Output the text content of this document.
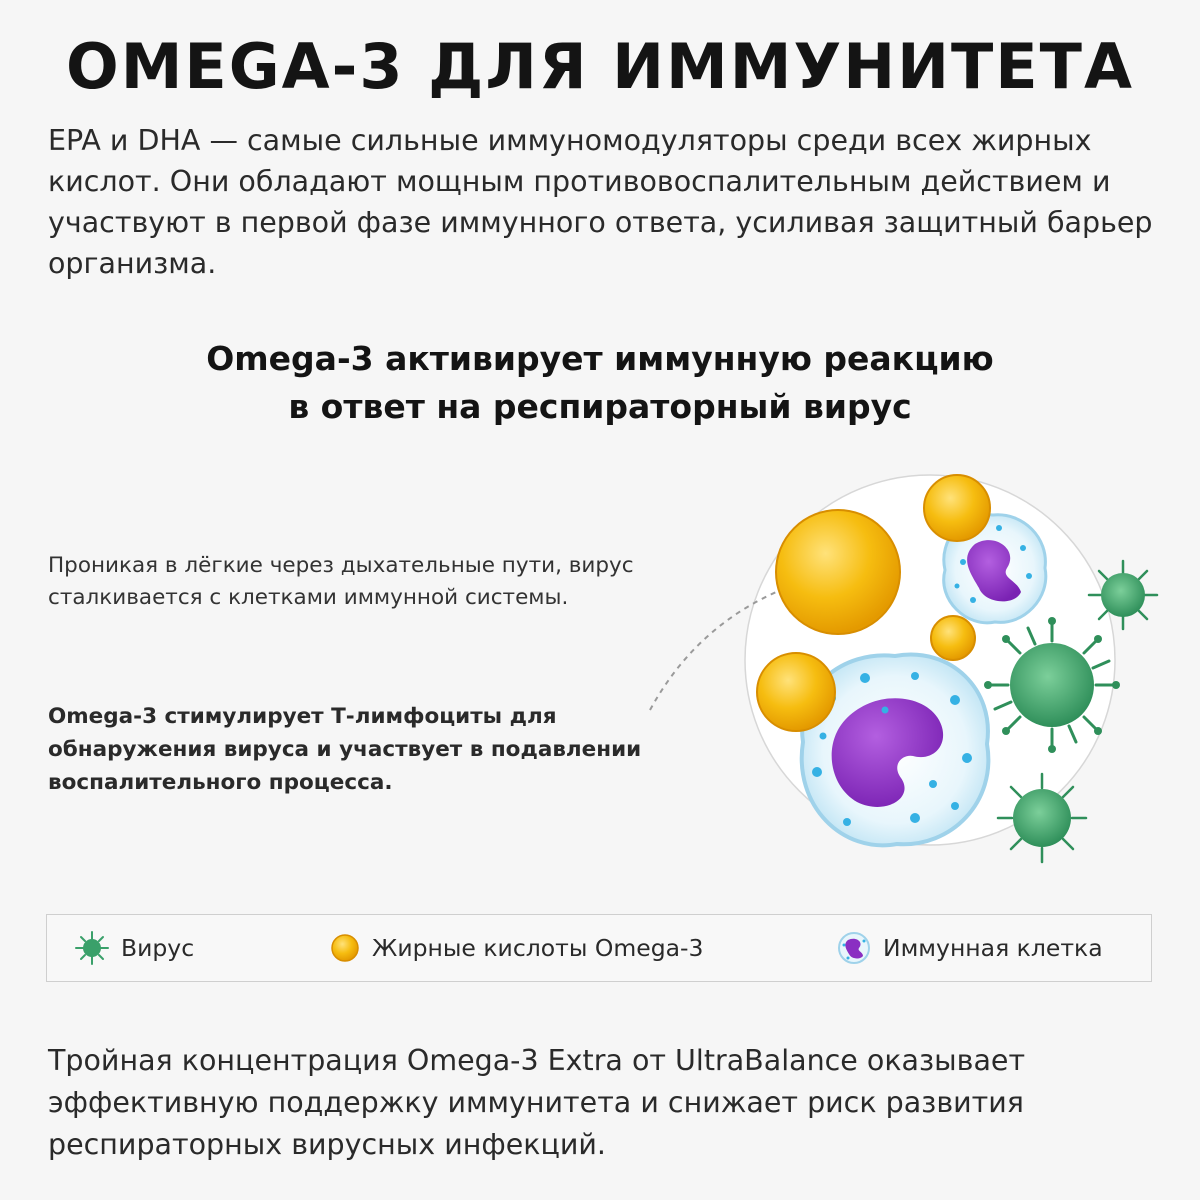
OMEGA-3 ДЛЯ ИММУНИТЕТА

EPA и DHA — самые сильные иммуномодуляторы среди всех жирных кислот. Они обладают мощным противовоспалительным действием и участвуют в первой фазе иммунного ответа, усиливая защитный барьер организма.

Omega-3 активирует иммунную реакцию
в ответ на респираторный вирус

Проникая в лёгкие через дыхательные пути, вирус сталкивается с клетками иммунной системы.

Omega-3 стимулирует Т-лимфоциты для обнаружения вируса и участвует в подавлении воспалительного процесса.

Вирус	Жирные кислоты Omega-3	Иммунная клетка

Тройная концентрация Omega-3 Extra от UltraBalance оказывает эффективную поддержку иммунитета и снижает риск развития респираторных вирусных инфекций.
